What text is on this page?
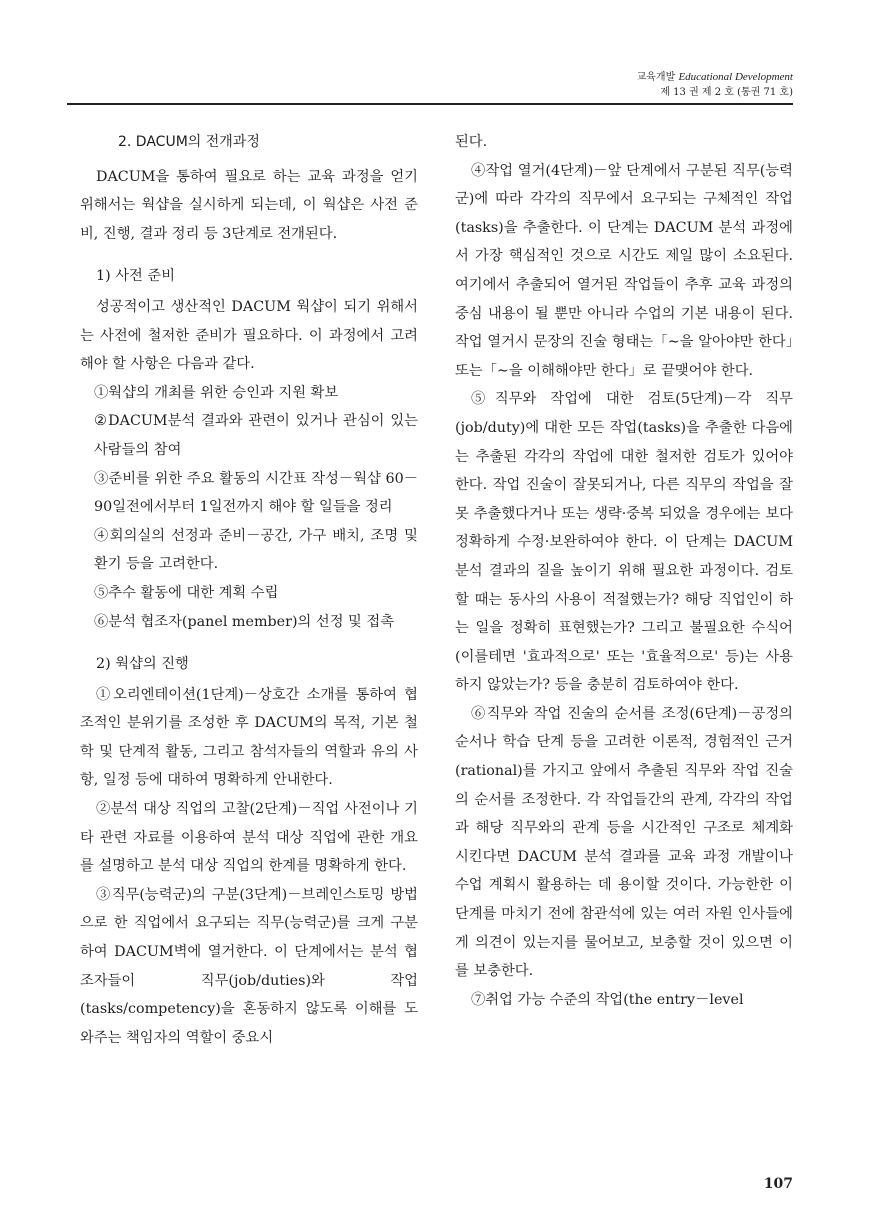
교육개발 Educational Development
제 13 권 제 2 호 (통권 71 호)

2. DACUM의 전개과정

DACUM을 통하여 필요로 하는 교육 과정을 얻기 위해서는 웍샵을 실시하게 되는데, 이 웍샵은 사전 준비, 진행, 결과 정리 등 3단계로 전개된다.

1) 사전 준비

성공적이고 생산적인 DACUM 웍샵이 되기 위해서는 사전에 철저한 준비가 필요하다. 이 과정에서 고려해야 할 사항은 다음과 같다.

①웍샵의 개최를 위한 승인과 지원 확보

②DACUM분석 결과와 관련이 있거나 관심이 있는 사람들의 참여

③준비를 위한 주요 활동의 시간표 작성－웍샵 60－90일전에서부터 1일전까지 해야 할 일들을 정리

④회의실의 선정과 준비－공간, 가구 배치, 조명 및 환기 등을 고려한다.

⑤추수 활동에 대한 계획 수립

⑥분석 협조자(panel member)의 선정 및 접촉

2) 웍샵의 진행

①오리엔테이션(1단계)－상호간 소개를 통하여 협조적인 분위기를 조성한 후 DACUM의 목적, 기본 철학 및 단계적 활동, 그리고 참석자들의 역할과 유의 사항, 일정 등에 대하여 명확하게 안내한다.

②분석 대상 직업의 고찰(2단계)－직업 사전이나 기타 관련 자료를 이용하여 분석 대상 직업에 관한 개요를 설명하고 분석 대상 직업의 한계를 명확하게 한다.

③직무(능력군)의 구분(3단계)－브레인스토밍 방법으로 한 직업에서 요구되는 직무(능력군)를 크게 구분하여 DACUM벽에 열거한다. 이 단계에서는 분석 협조자들이 직무(job/duties)와 작업(tasks/competency)을 혼동하지 않도록 이해를 도와주는 책임자의 역할이 중요시

된다.

④작업 열거(4단계)－앞 단계에서 구분된 직무(능력군)에 따라 각각의 직무에서 요구되는 구체적인 작업(tasks)을 추출한다. 이 단계는 DACUM 분석 과정에서 가장 핵심적인 것으로 시간도 제일 많이 소요된다. 여기에서 추출되어 열거된 작업들이 추후 교육 과정의 중심 내용이 될 뿐만 아니라 수업의 기본 내용이 된다. 작업 열거시 문장의 진술 형태는「∼을 알아야만 한다」또는「∼을 이해해야만 한다」로 끝맺어야 한다.

⑤직무와 작업에 대한 검토(5단계)－각 직무(job/duty)에 대한 모든 작업(tasks)을 추출한 다음에는 추출된 각각의 작업에 대한 철저한 검토가 있어야 한다. 작업 진술이 잘못되거나, 다른 직무의 작업을 잘못 추출했다거나 또는 생략·중복 되었을 경우에는 보다 정확하게 수정·보완하여야 한다. 이 단계는 DACUM 분석 결과의 질을 높이기 위해 필요한 과정이다. 검토할 때는 동사의 사용이 적절했는가? 해당 직업인이 하는 일을 정확히 표현했는가? 그리고 불필요한 수식어(이를테면 '효과적으로' 또는 '효율적으로' 등)는 사용하지 않았는가? 등을 충분히 검토하여야 한다.

⑥직무와 작업 진술의 순서를 조정(6단계)－공정의 순서나 학습 단계 등을 고려한 이론적, 경험적인 근거(rational)를 가지고 앞에서 추출된 직무와 작업 진술의 순서를 조정한다. 각 작업들간의 관계, 각각의 작업과 해당 직무와의 관계 등을 시간적인 구조로 체계화 시킨다면 DACUM 분석 결과를 교육 과정 개발이나 수업 계획시 활용하는 데 용이할 것이다. 가능한한 이 단계를 마치기 전에 참관석에 있는 여러 자원 인사들에게 의견이 있는지를 물어보고, 보충할 것이 있으면 이를 보충한다.

⑦취업 가능 수준의 작업(the entry－level

107
